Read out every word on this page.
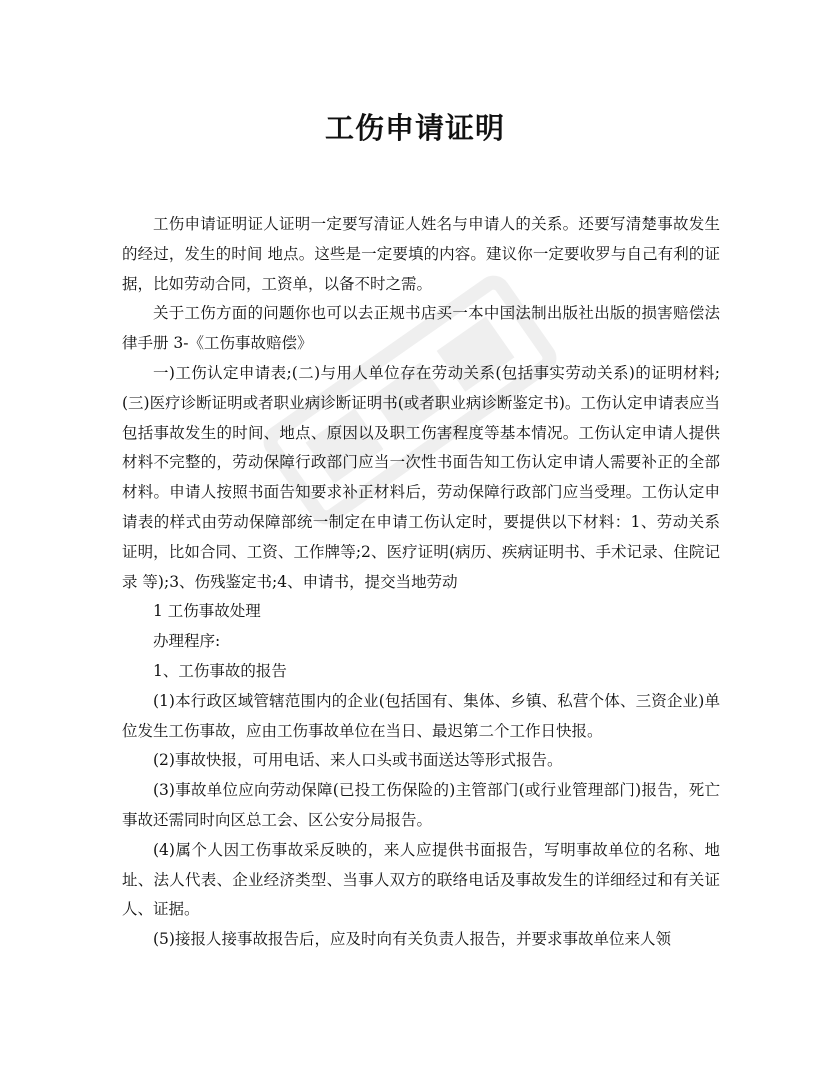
工伤申请证明

工伤申请证明证人证明一定要写清证人姓名与申请人的关系。还要写清楚事故发生的经过，发生的时间 地点。这些是一定要填的内容。建议你一定要收罗与自己有利的证据，比如劳动合同，工资单，以备不时之需。

关于工伤方面的问题你也可以去正规书店买一本中国法制出版社出版的损害赔偿法律手册 3-《工伤事故赔偿》

一)工伤认定申请表;(二)与用人单位存在劳动关系(包括事实劳动关系)的证明材料;(三)医疗诊断证明或者职业病诊断证明书(或者职业病诊断鉴定书)。工伤认定申请表应当包括事故发生的时间、地点、原因以及职工伤害程度等基本情况。工伤认定申请人提供材料不完整的，劳动保障行政部门应当一次性书面告知工伤认定申请人需要补正的全部材料。申请人按照书面告知要求补正材料后，劳动保障行政部门应当受理。工伤认定申请表的样式由劳动保障部统一制定在申请工伤认定时，要提供以下材料：1、劳动关系证明，比如合同、工资、工作牌等;2、医疗证明(病历、疾病证明书、手术记录、住院记录 等);3、伤残鉴定书;4、申请书，提交当地劳动

1 工伤事故处理

办理程序:

1、工伤事故的报告

(1)本行政区域管辖范围内的企业(包括国有、集体、乡镇、私营个体、三资企业)单位发生工伤事故，应由工伤事故单位在当日、最迟第二个工作日快报。

(2)事故快报，可用电话、来人口头或书面送达等形式报告。

(3)事故单位应向劳动保障(已投工伤保险的)主管部门(或行业管理部门)报告，死亡事故还需同时向区总工会、区公安分局报告。

(4)属个人因工伤事故采反映的，来人应提供书面报告，写明事故单位的名称、地址、法人代表、企业经济类型、当事人双方的联络电话及事故发生的详细经过和有关证人、证据。

(5)接报人接事故报告后，应及时向有关负责人报告，并要求事故单位来人领
